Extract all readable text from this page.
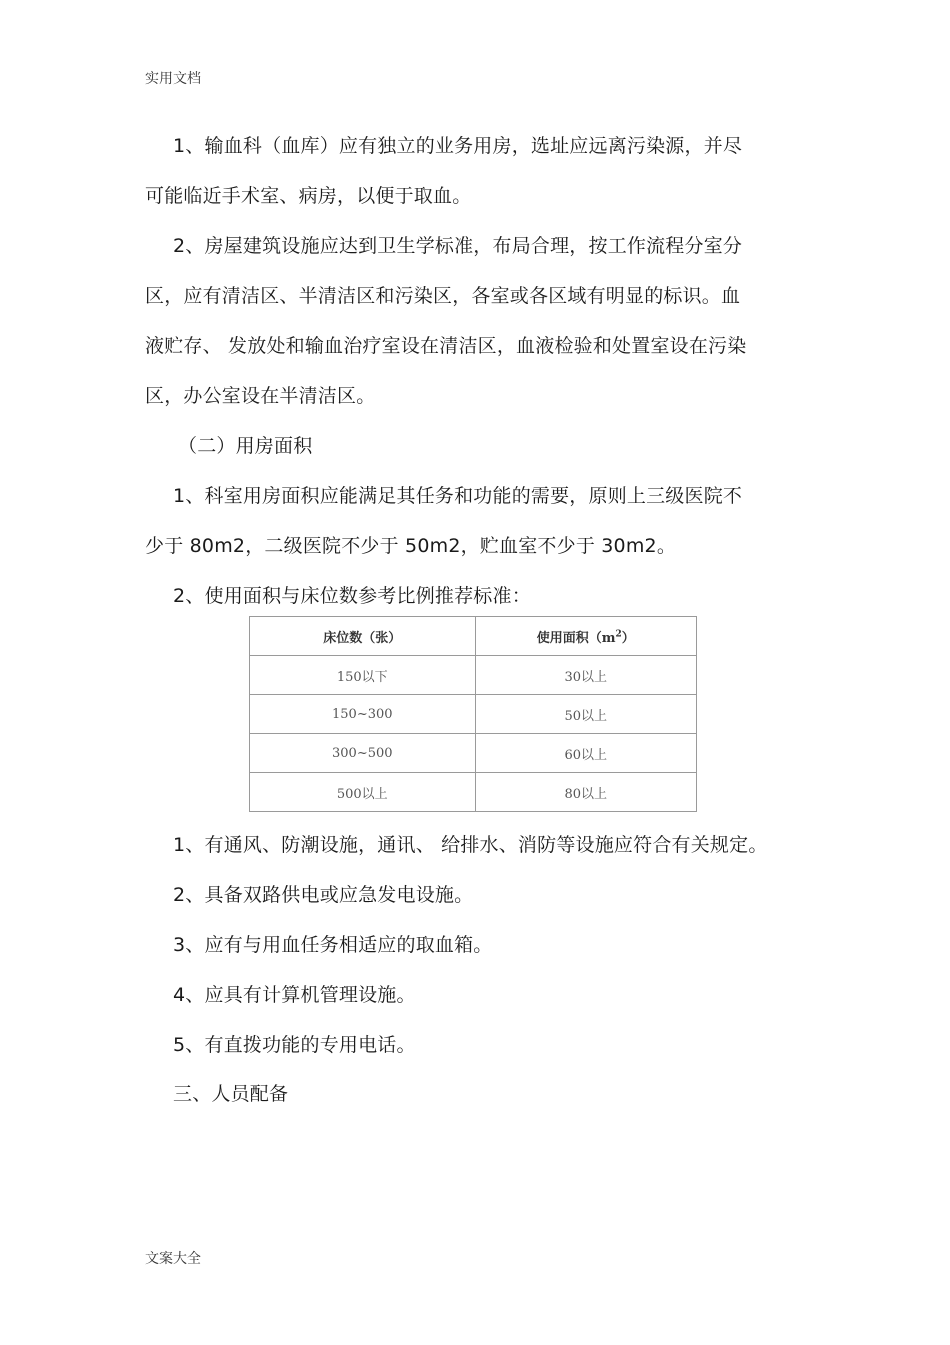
实用文档
1、输血科（血库）应有独立的业务用房，选址应远离污染源，并尽
可能临近手术室、病房，以便于取血。
2、房屋建筑设施应达到卫生学标准，布局合理，按工作流程分室分
区，应有清洁区、半清洁区和污染区，各室或各区域有明显的标识。血
液贮存、 发放处和输血治疗室设在清洁区，血液检验和处置室设在污染
区，办公室设在半清洁区。
（二）用房面积
1、科室用房面积应能满足其任务和功能的需要，原则上三级医院不
少于 80m2，二级医院不少于 50m2，贮血室不少于 30m2。
2、使用面积与床位数参考比例推荐标准：
床位数（张）	使用面积$(m^2)$
150以下	30以上
150~300	50以上
300~500	60以上
500以上	80以上
1、有通风、防潮设施，通讯、 给排水、消防等设施应符合有关规定。
2、具备双路供电或应急发电设施。
3、应有与用血任务相适应的取血箱。
4、应具有计算机管理设施。
5、有直拨功能的专用电话。
三、人员配备
文案大全
